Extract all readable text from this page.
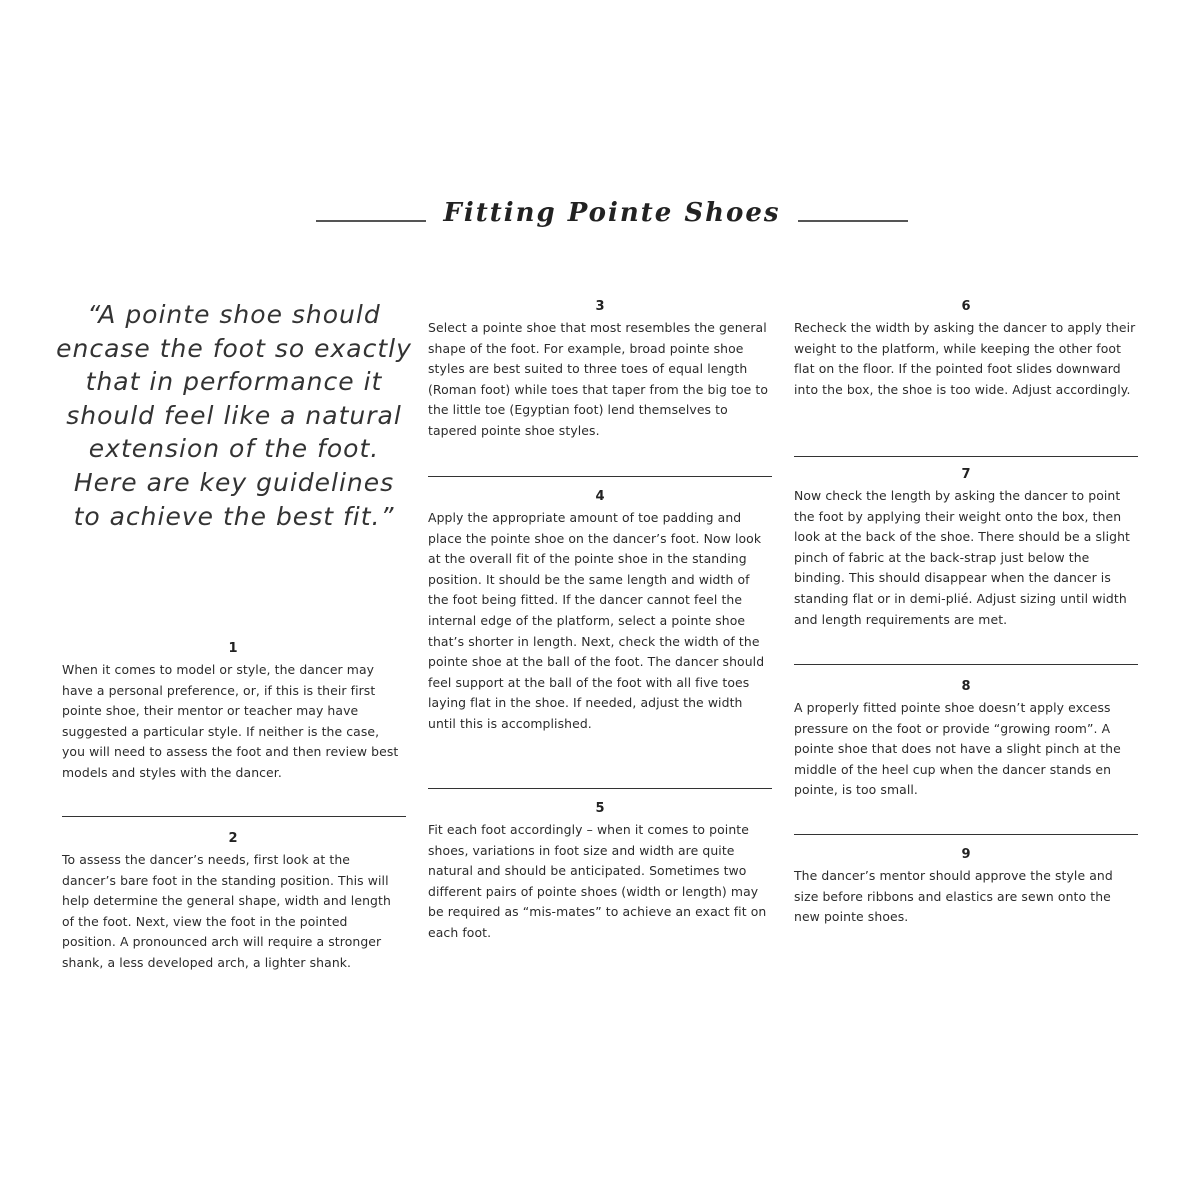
Fitting Pointe Shoes
“A pointe shoe should encase the foot so exactly that in performance it should feel like a natural extension of the foot. Here are key guidelines to achieve the best fit.”
1
When it comes to model or style, the dancer may have a personal preference, or, if this is their first pointe shoe, their mentor or teacher may have suggested a particular style. If neither is the case, you will need to assess the foot and then review best models and styles with the dancer.
2
To assess the dancer’s needs, first look at the dancer’s bare foot in the standing position. This will help determine the general shape, width and length of the foot. Next, view the foot in the pointed position. A pronounced arch will require a stronger shank, a less developed arch, a lighter shank.
3
Select a pointe shoe that most resembles the general shape of the foot. For example, broad pointe shoe styles are best suited to three toes of equal length (Roman foot) while toes that taper from the big toe to the little toe (Egyptian foot) lend themselves to tapered pointe shoe styles.
4
Apply the appropriate amount of toe padding and place the pointe shoe on the dancer’s foot. Now look at the overall fit of the pointe shoe in the standing position. It should be the same length and width of the foot being fitted. If the dancer cannot feel the internal edge of the platform, select a pointe shoe that’s shorter in length. Next, check the width of the pointe shoe at the ball of the foot. The dancer should feel support at the ball of the foot with all five toes laying flat in the shoe. If needed, adjust the width until this is accomplished.
5
Fit each foot accordingly – when it comes to pointe shoes, variations in foot size and width are quite natural and should be anticipated. Sometimes two different pairs of pointe shoes (width or length) may be required as “mis-mates” to achieve an exact fit on each foot.
6
Recheck the width by asking the dancer to apply their weight to the platform, while keeping the other foot flat on the floor. If the pointed foot slides downward into the box, the shoe is too wide. Adjust accordingly.
7
Now check the length by asking the dancer to point the foot by applying their weight onto the box, then look at the back of the shoe. There should be a slight pinch of fabric at the back-strap just below the binding. This should disappear when the dancer is standing flat or in demi-plié. Adjust sizing until width and length requirements are met.
8
A properly fitted pointe shoe doesn’t apply excess pressure on the foot or provide “growing room”. A pointe shoe that does not have a slight pinch at the middle of the heel cup when the dancer stands en pointe, is too small.
9
The dancer’s mentor should approve the style and size before ribbons and elastics are sewn onto the new pointe shoes.
